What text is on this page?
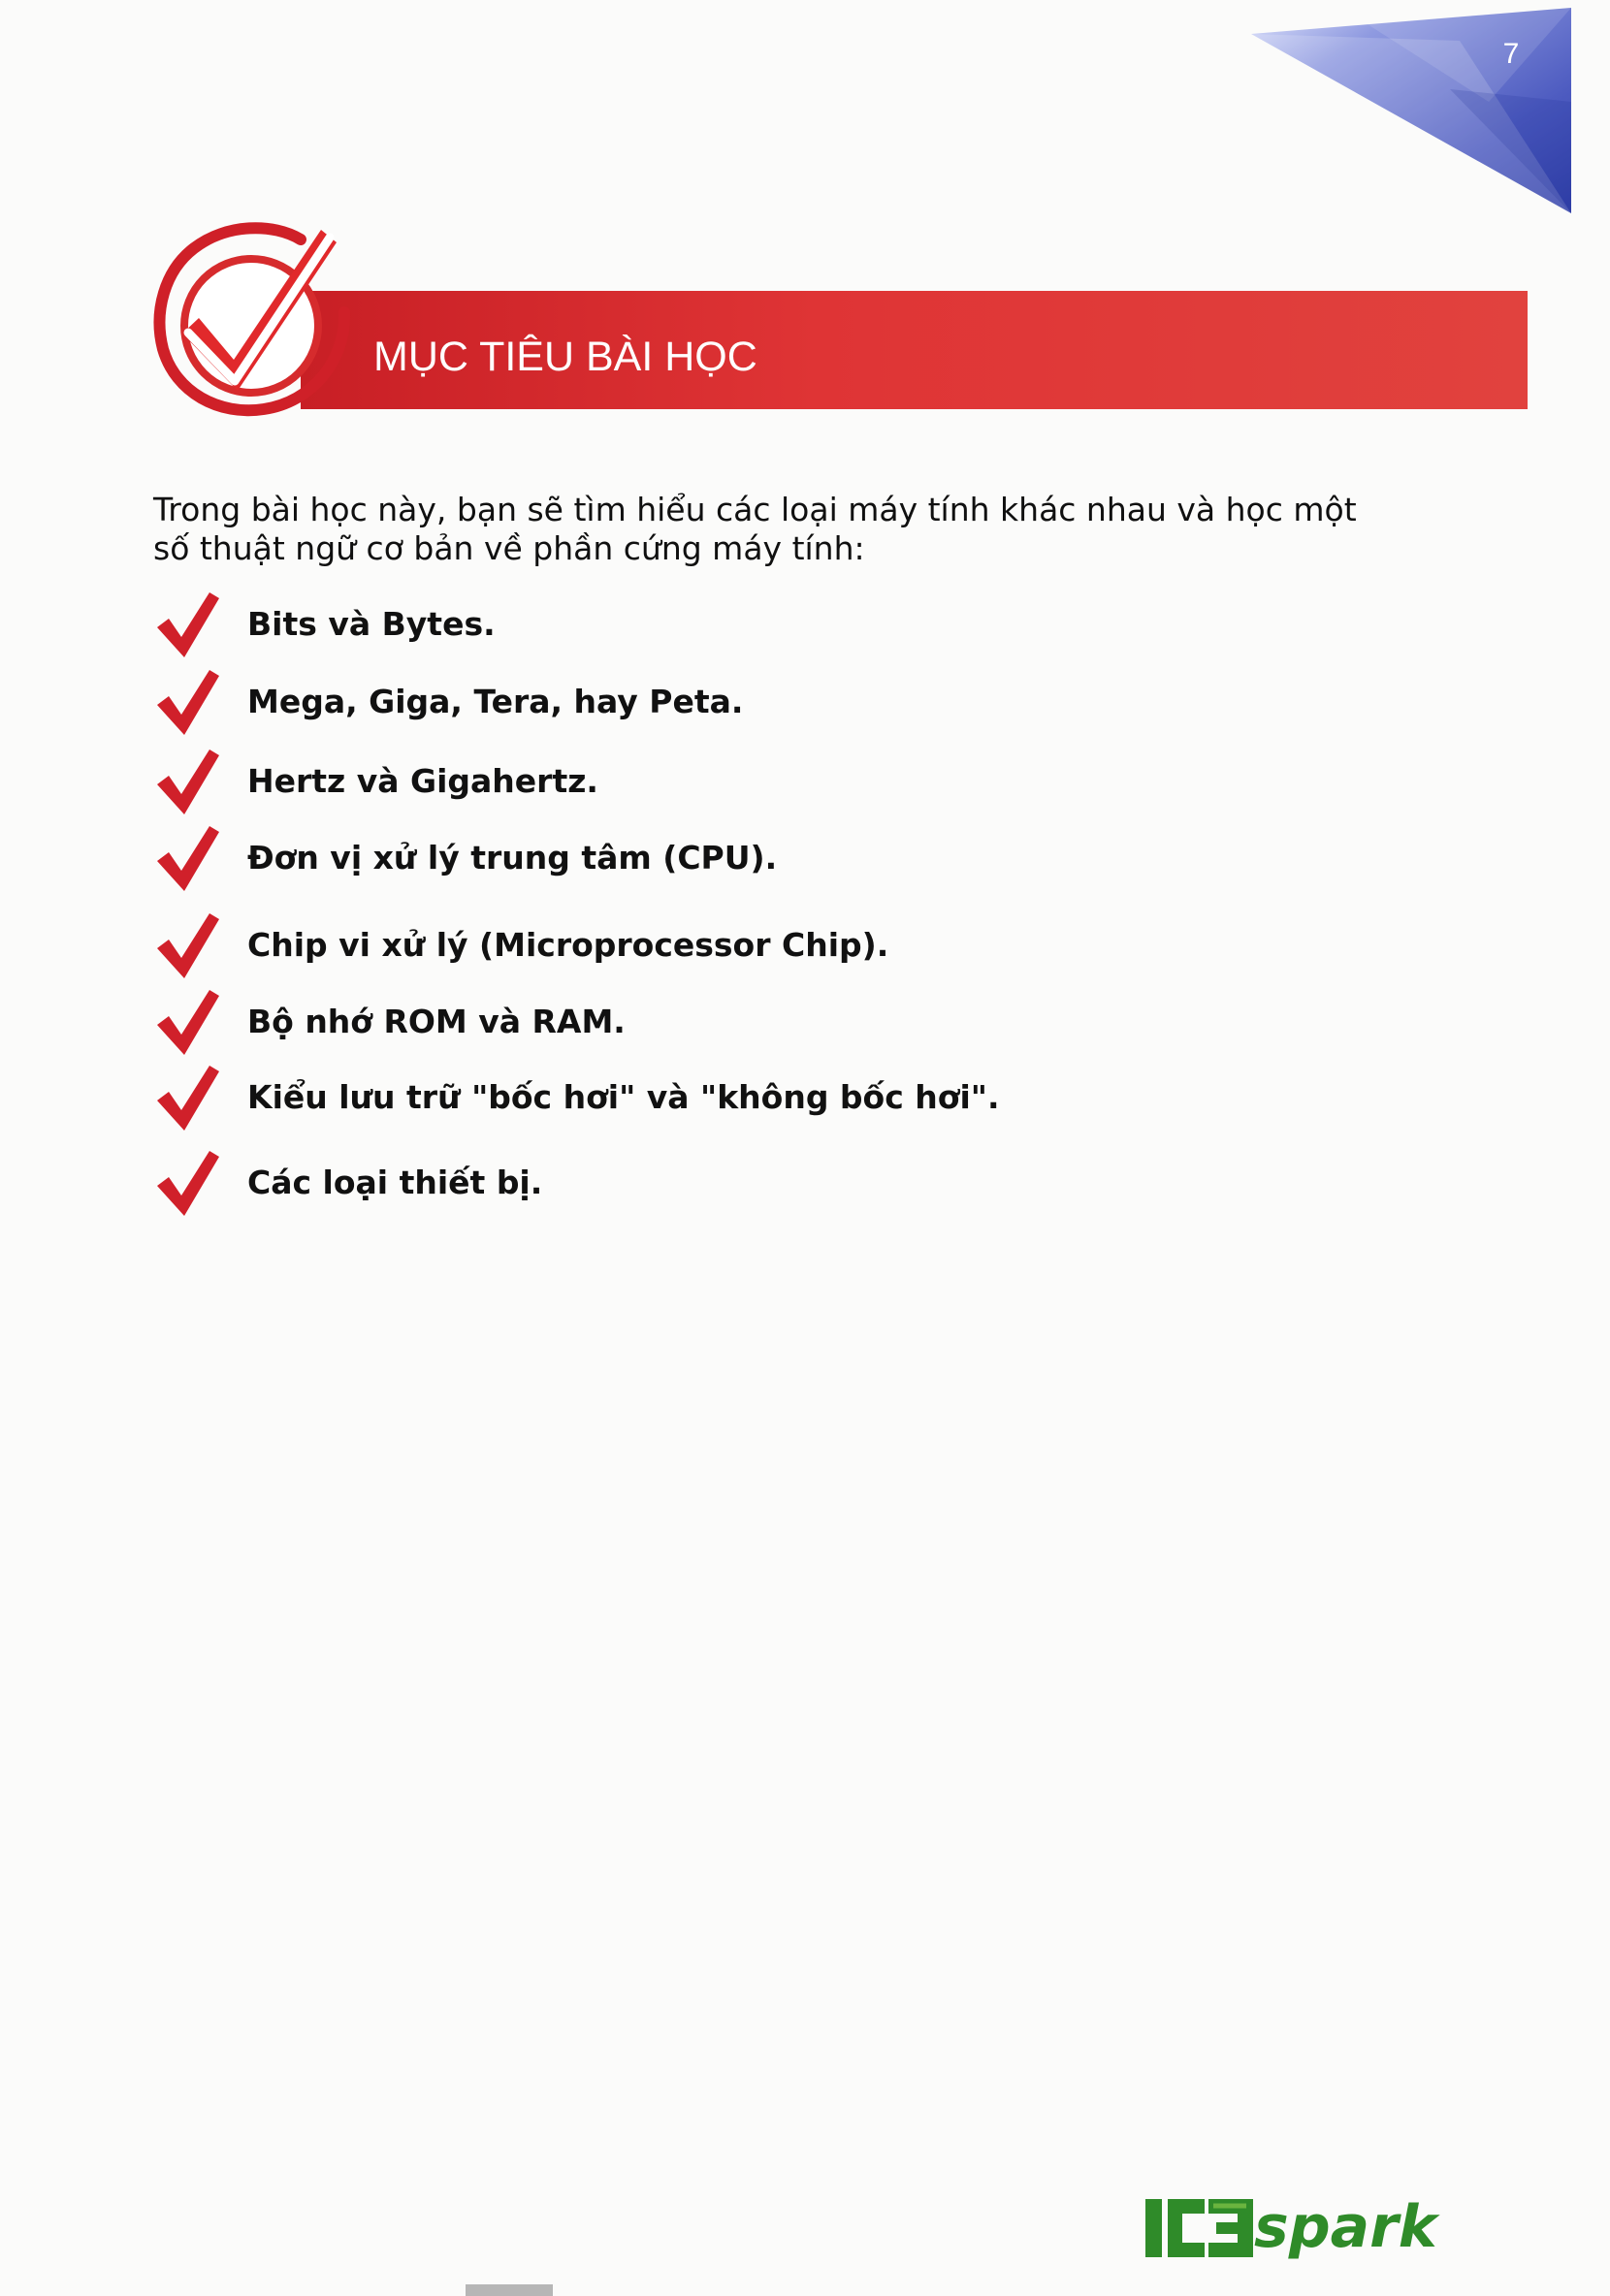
7
MỤC TIÊU BÀI HỌC

Trong bài học này, bạn sẽ tìm hiểu các loại máy tính khác nhau và học một số thuật ngữ cơ bản về phần cứng máy tính:

Bits và Bytes.
Mega, Giga, Tera, hay Peta.
Hertz và Gigahertz.
Đơn vị xử lý trung tâm (CPU).
Chip vi xử lý (Microprocessor Chip).
Bộ nhớ ROM và RAM.
Kiểu lưu trữ "bốc hơi" và "không bốc hơi".
Các loại thiết bị.
spark
